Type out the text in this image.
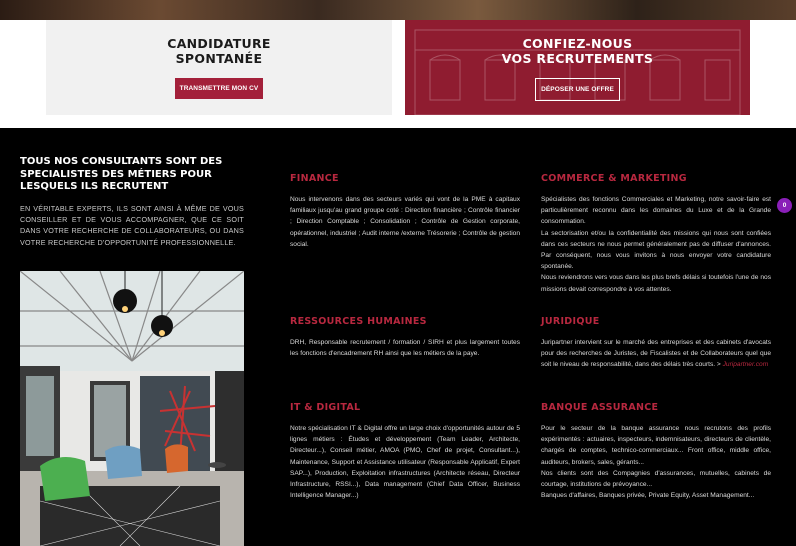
CANDIDATURE
SPONTANÉE
TRANSMETTRE MON CV
CONFIEZ-NOUS
VOS RECRUTEMENTS
DÉPOSER UNE OFFRE
TOUS NOS CONSULTANTS SONT DES SPECIALISTES DES MÉTIERS POUR LESQUELS ILS RECRUTENT
EN VÉRITABLE EXPERTS, ILS SONT AINSI À MÊME DE VOUS CONSEILLER ET DE VOUS ACCOMPAGNER, QUE CE SOIT DANS VOTRE RECHERCHE DE COLLABORATEURS, OU DANS VOTRE RECHERCHE D'OPPORTUNITÉ PROFESSIONNELLE.
FINANCE
Nous intervenons dans des secteurs variés qui vont de la PME à capitaux familiaux jusqu'au grand groupe coté : Direction financière ; Contrôle financier ; Direction Comptable ; Consolidation ; Contrôle de Gestion corporate, opérationnel, industriel ; Audit interne /externe Trésorerie ; Contrôle de gestion social.
COMMERCE & MARKETING

Spécialistes des fonctions Commerciales et Marketing, notre savoir-faire est particulièrement reconnu dans les domaines du Luxe et de la Grande consommation.

La sectorisation et/ou la confidentialité des missions qui nous sont confiées dans ces secteurs ne nous permet généralement pas de diffuser d'annonces. Par conséquent, nous vous invitons à nous envoyer votre candidature spontanée.

Nous reviendrons vers vous dans les plus brefs délais si toutefois l'une de nos missions devait correspondre à vos attentes.

RESSOURCES HUMAINES
DRH, Responsable recrutement / formation / SIRH et plus largement toutes les fonctions d'encadrement RH ainsi que les métiers de la paye.
JURIDIQUE
Juripartner intervient sur le marché des entreprises et des cabinets d'avocats pour des recherches de Juristes, de Fiscalistes et de Collaborateurs quel que soit le niveau de responsabilité, dans des délais très courts. > Juripartner.com
IT & DIGITAL
Notre spécialisation IT & Digital offre un large choix d'opportunités autour de 5 lignes métiers : Études et développement (Team Leader, Architecte, Directeur...), Conseil métier, AMOA (PMO, Chef de projet, Consultant...), Maintenance, Support et Assistance utilisateur (Responsable Applicatif, Expert SAP...), Production, Exploitation infrastructures (Architecte réseau, Directeur Infrastructure, RSSI...), Data management (Chief Data Officer, Business Intelligence Manager...)
BANQUE ASSURANCE

Pour le secteur de la banque assurance nous recrutons des profils expérimentés : actuaires, inspecteurs, indemnisateurs, directeurs de clientèle, chargés de comptes, technico-commerciaux... Front office, middle office, auditeurs, brokers, sales, gérants...

Nos clients sont des Compagnies d'assurances, mutuelles, cabinets de courtage, institutions de prévoyance...

Banques d'affaires, Banques privée, Private Equity, Asset Management...

0
